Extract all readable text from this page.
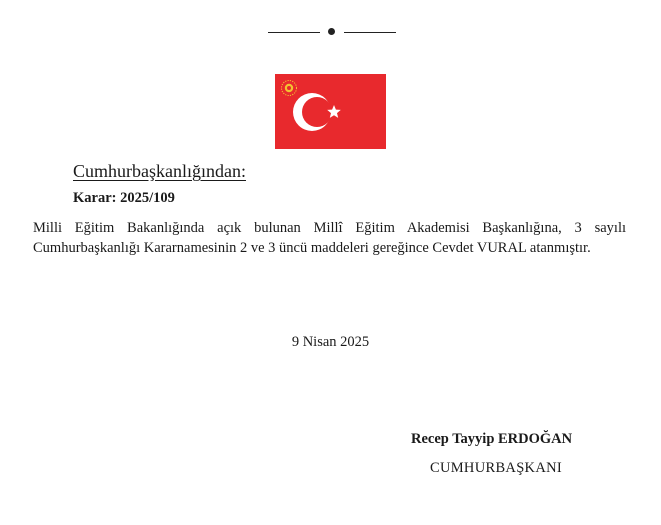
Cumhurbaşkanlığından:
Karar: 2025/109
Milli Eğitim Bakanlığında açık bulunan Millî Eğitim Akademisi Başkanlığına, 3 sayılı Cumhurbaşkanlığı Kararnamesinin 2 ve 3 üncü maddeleri gereğince Cevdet VURAL atanmıştır.
9 Nisan 2025
Recep Tayyip ERDOĞAN
CUMHURBAŞKANI
